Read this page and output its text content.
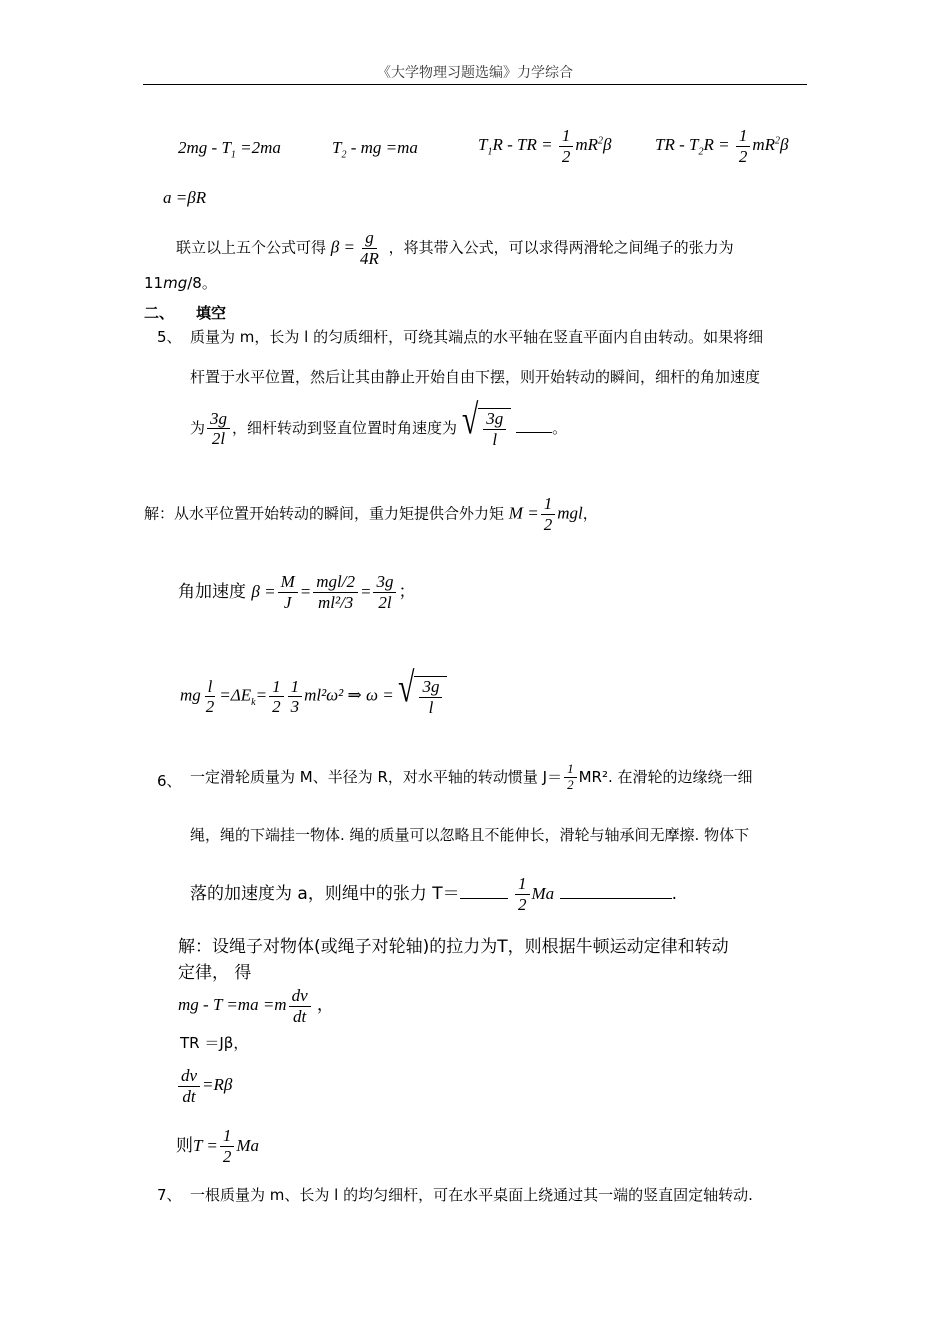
《大学物理习题选编》力学综合
$2mg - T_1 =2ma$	$T_2$ - mg =ma	$T_1R$ - TR = $\frac{1}{2} mR^2\beta$	TR - $T_2R = \frac{1}{2} mR^2\beta$
a =βR
联立以上五个公式可得 $\beta = \frac{g}{4R}$ ，将其带入公式，可以求得两滑轮之间绳子的张力为
11mg/8。
二、 填空
5、 质量为 m，长为 l 的匀质细杆，可绕其端点的水平轴在竖直平面内自由转动。如果将细
杆置于水平位置，然后让其由静止开始自由下摆，则开始转动的瞬间，细杆的角加速度
为 $\frac{3g}{2l}$ ，细杆转动到竖直位置时角速度为 √ $\frac{3g}{l}$	。
解：从水平位置开始转动的瞬间，重力矩提供合外力矩 $M = \frac{1}{2}$ mgl，
角加速度 $\beta = \frac{M}{J} = \frac{\text{mgl/2}}{\text{ml²/3}} = \frac{3g}{2l}$ ；
mg $\frac{l}{2} =\Delta E_k= \frac{1}{2} \frac{1}{3} ml^2\omega^2$ ⇒ ω = √ $\frac{3g}{l}$
6、 一定滑轮质量为 M、半径为 R，对水平轴的转动惯量 $J= \frac{1}{2} MR^2$. 在滑轮的边缘绕一细
绳，绳的下端挂一物体. 绳的质量可以忽略且不能伸长，滑轮与轴承间无摩擦. 物体下
落的加速度为 a，则绳中的张力 T＝	$\frac{1}{2}$ Ma	.
解：设绳子对物体(或绳子对轮轴)的拉力为T，则根据牛顿运动定律和转动
定律， 得
mg - $T =ma =m \frac{dv}{dt}$ ，
TR ＝Jβ，
$\frac{dv}{dt} =R\beta$
则$T = \frac{1}{2}$ Ma
7、 一根质量为 m、长为 l 的均匀细杆，可在水平桌面上绕通过其一端的竖直固定轴转动.
